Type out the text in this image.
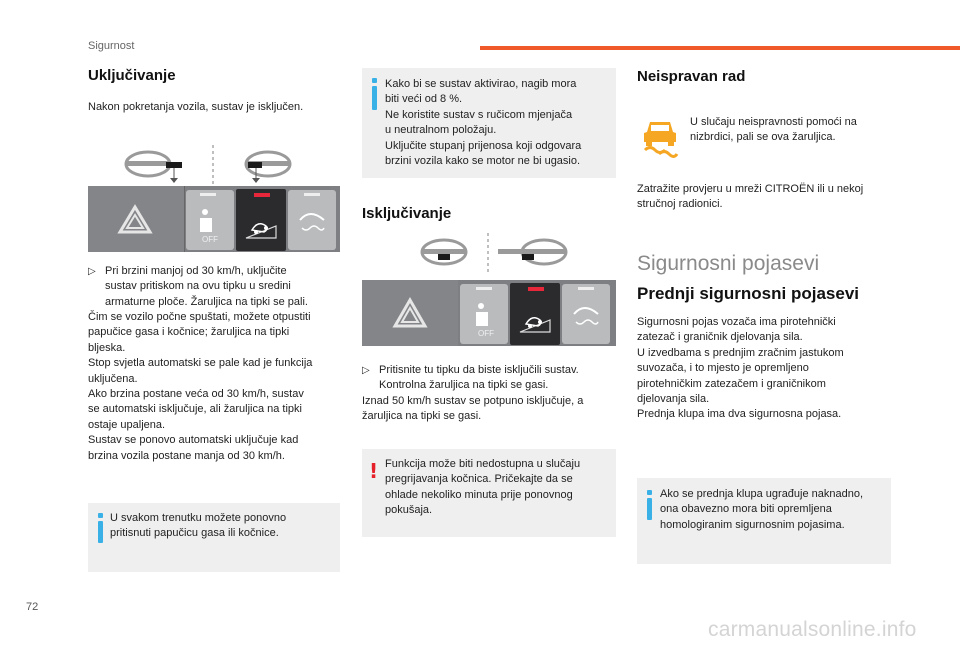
Sigurnost
Uključivanje
Nakon pokretanja vozila, sustav je isključen.
OFF
▷ Pri brzini manjoj od 30 km/h, uključite
sustav pritiskom na ovu tipku u sredini
armaturne ploče. Žaruljica na tipki se pali.
Čim se vozilo počne spuštati, možete otpustiti
papučice gasa i kočnice; žaruljica na tipki
bljeska.
Stop svjetla automatski se pale kad je funkcija
uključena.
Ako brzina postane veća od 30 km/h, sustav
se automatski isključuje, ali žaruljica na tipki
ostaje upaljena.
Sustav se ponovo automatski uključuje kad
brzina vozila postane manja od 30 km/h.
U svakom trenutku možete ponovno
pritisnuti papučicu gasa ili kočnice.
Kako bi se sustav aktivirao, nagib mora
biti veći od 8 %.
Ne koristite sustav s ručicom mjenjača
u neutralnom položaju.
Uključite stupanj prijenosa koji odgovara
brzini vozila kako se motor ne bi ugasio.
Isključivanje
OFF
▷ Pritisnite tu tipku da biste isključili sustav.
Kontrolna žaruljica na tipki se gasi.
Iznad 50 km/h sustav se potpuno isključuje, a
žaruljica na tipki se gasi.
! Funkcija može biti nedostupna u slučaju
pregrijavanja kočnica. Pričekajte da se
ohlade nekoliko minuta prije ponovnog
pokušaja.
Neispravan rad
U slučaju neispravnosti pomoći na
nizbrdici, pali se ova žaruljica.
Zatražite provjeru u mreži CITROËN ili u nekoj
stručnoj radionici.
Sigurnosni pojasevi
Prednji sigurnosni pojasevi
Sigurnosni pojas vozača ima pirotehnički
zatezač i graničnik djelovanja sila.
U izvedbama s prednjim zračnim jastukom
suvozača, i to mjesto je opremljeno
pirotehničkim zatezačem i graničnikom
djelovanja sila.
Prednja klupa ima dva sigurnosna pojasa.
Ako se prednja klupa ugrađuje naknadno,
ona obavezno mora biti opremljena
homologiranim sigurnosnim pojasima.
72
carmanualsonline.info
